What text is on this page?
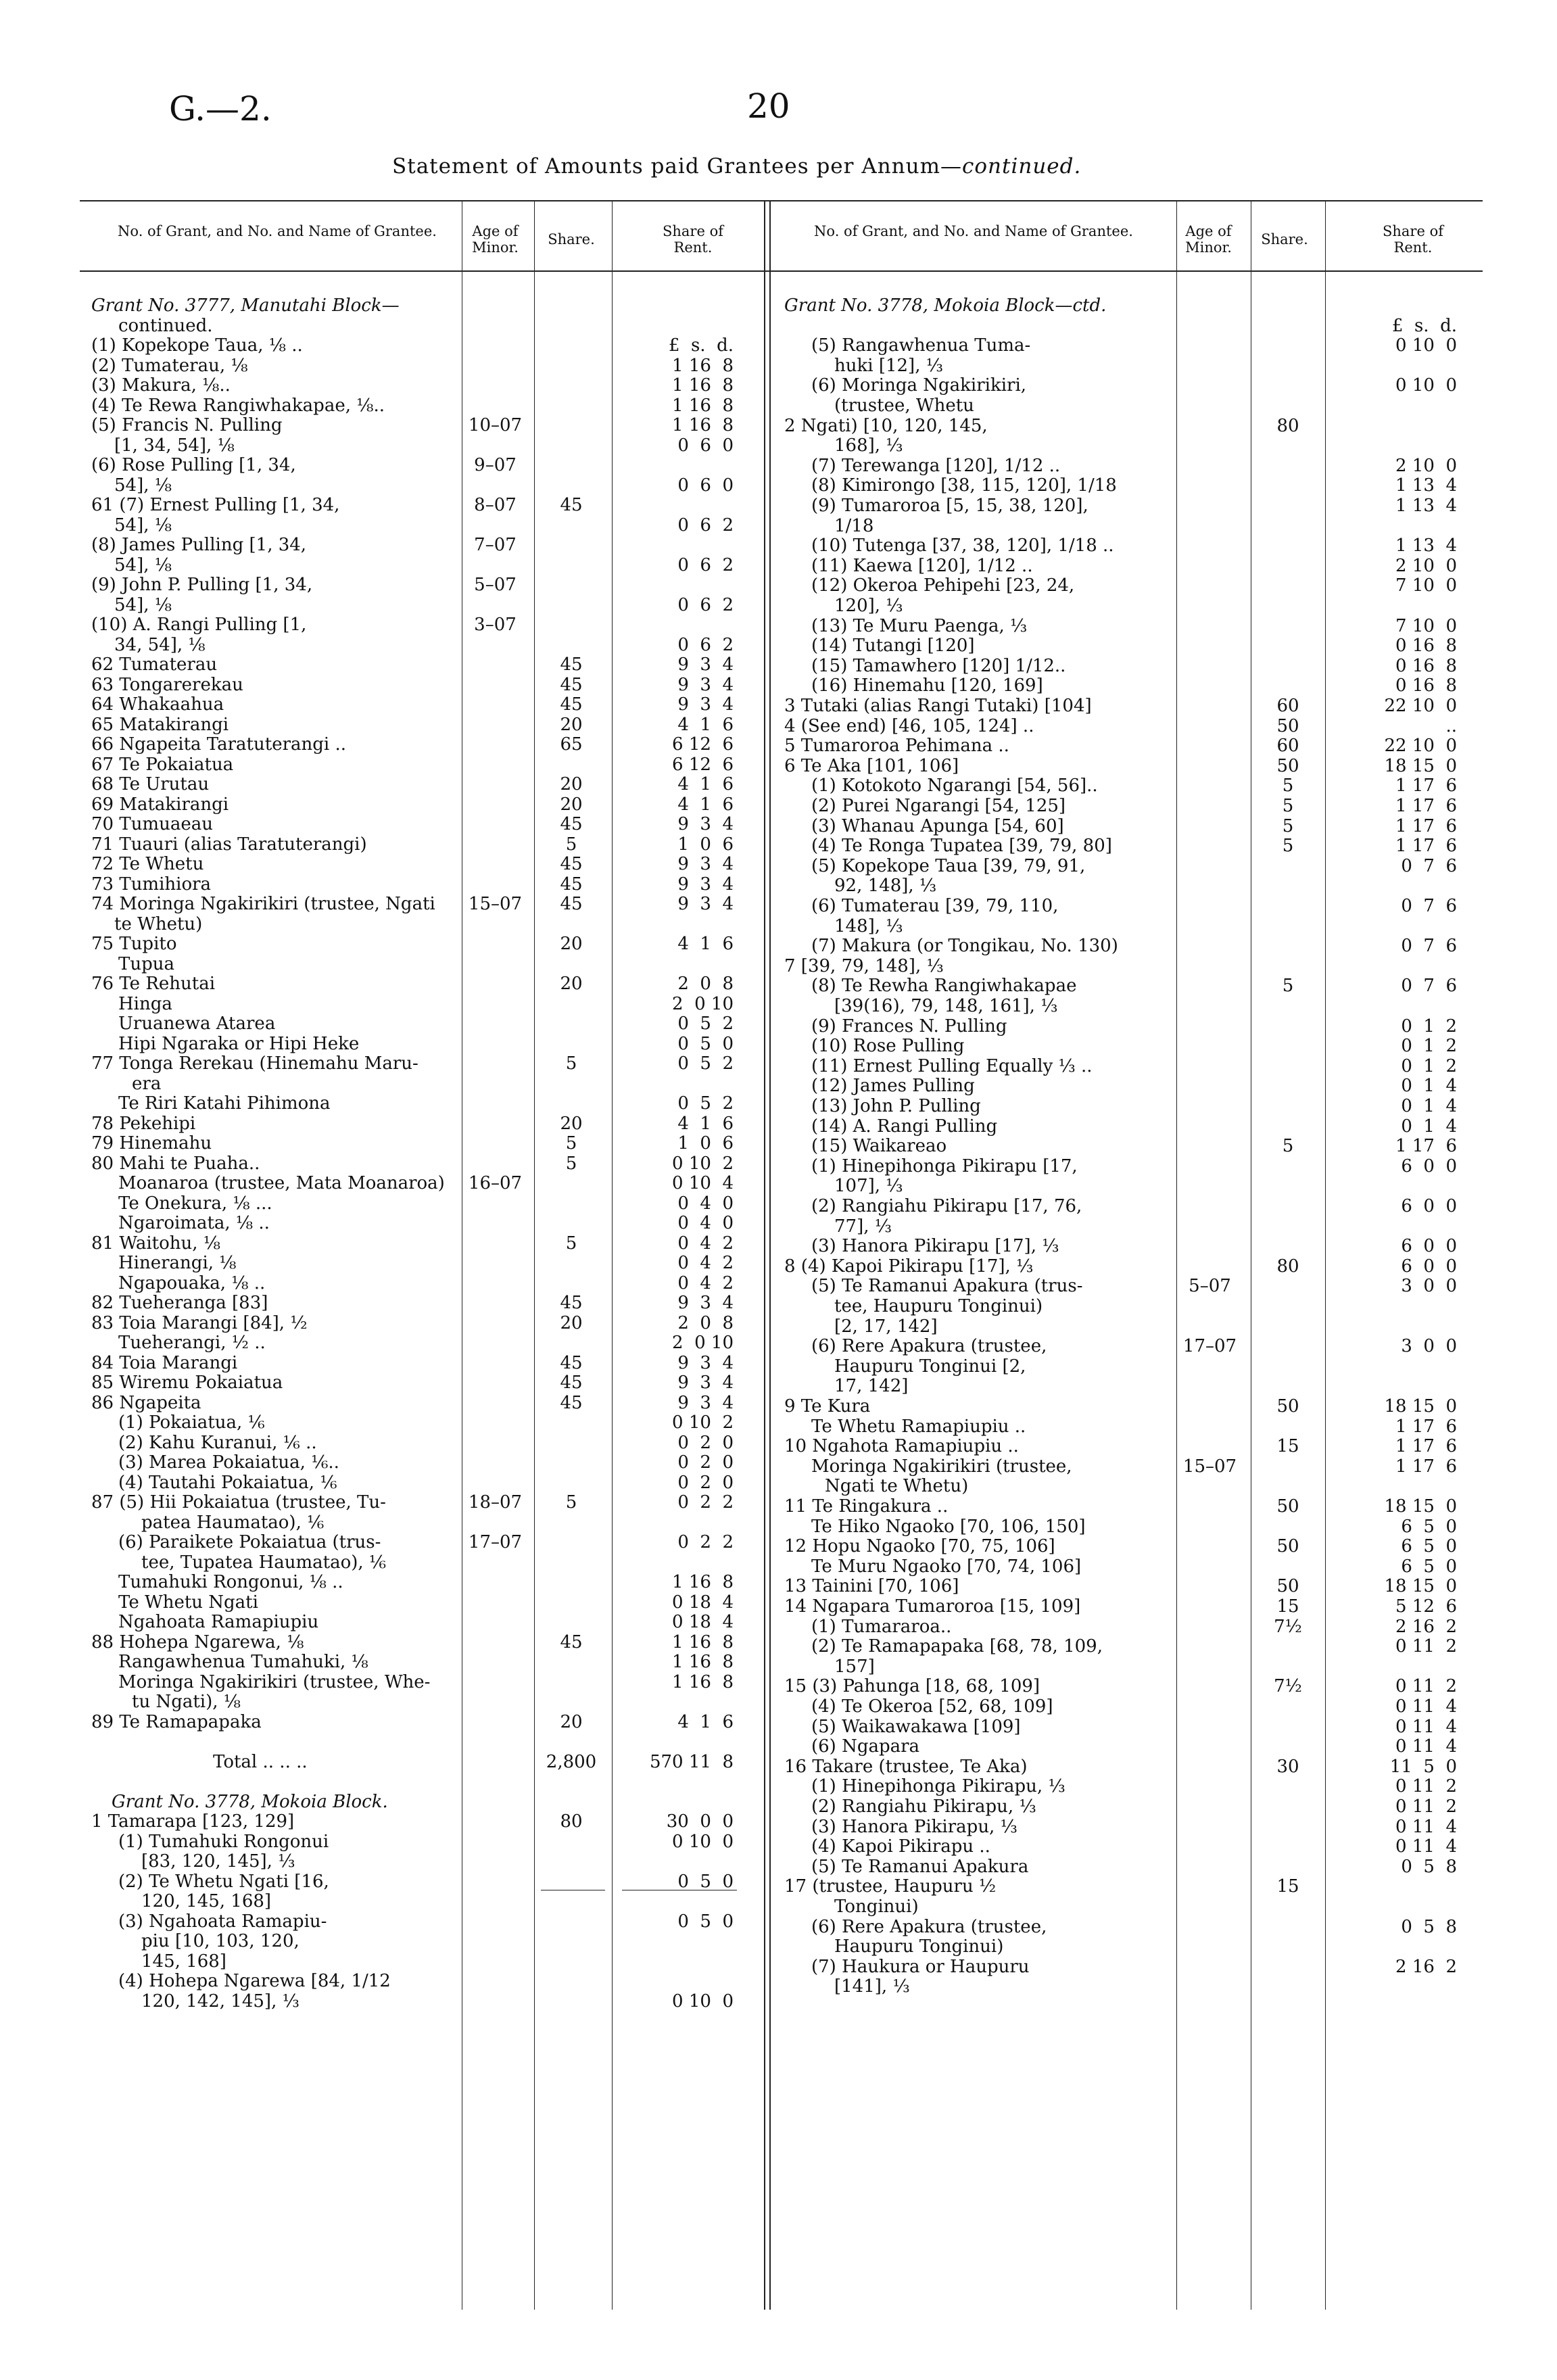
G.—2.	20
Statement of Amounts paid Grantees per Annum—continued.
No. of Grant, and No. and Name of Grantee.	Age of Minor.	Share.	Share of Rent.
No. of Grant, and No. and Name of Grantee.	Age of Minor.	Share.	Share of Rent.
Grant No. 3777, Manutahi Block—
continued.
(1) Kopekope Taua, ⅛ ..	£  s.  d.
(2) Tumaterau, ⅛	1 16  8
(3) Makura, ⅛..	1 16  8
(4) Te Rewa Rangiwhakapae, ⅛..	1 16  8
(5) Francis N. Pulling	10–07	1 16  8
[1, 34, 54], ⅛	0  6  0
(6) Rose Pulling [1, 34,	9–07
54], ⅛	0  6  0
61 (7) Ernest Pulling [1, 34,	8–07	45
54], ⅛	0  6  2
(8) James Pulling [1, 34,	7–07
54], ⅛	0  6  2
(9) John P. Pulling [1, 34,	5–07
54], ⅛	0  6  2
(10) A. Rangi Pulling [1,	3–07
34, 54], ⅛	0  6  2
62 Tumaterau	45	9  3  4
63 Tongarerekau	45	9  3  4
64 Whakaahua	45	9  3  4
65 Matakirangi	20	4  1  6
66 Ngapeita Taratuterangi ..	65	6 12  6
67 Te Pokaiatua	6 12  6
68 Te Urutau	20	4  1  6
69 Matakirangi	20	4  1  6
70 Tumuaeau	45	9  3  4
71 Tuauri (alias Taratuterangi)	5	1  0  6
72 Te Whetu	45	9  3  4
73 Tumihiora	45	9  3  4
74 Moringa Ngakirikiri (trustee, Ngati	15–07	45	9  3  4
te Whetu)
75 Tupito	20	4  1  6
Tupua
76 Te Rehutai	20	2  0  8
Hinga	2  0 10
Uruanewa Atarea	0  5  2
Hipi Ngaraka or Hipi Heke	0  5  0
77 Tonga Rerekau (Hinemahu Maru-	5	0  5  2
era
Te Riri Katahi Pihimona	0  5  2
78 Pekehipi	20	4  1  6
79 Hinemahu	5	1  0  6
80 Mahi te Puaha..	5	0 10  2
Moanaroa (trustee, Mata Moanaroa)	16–07	0 10  4
Te Onekura, ⅛ ...	0  4  0
Ngaroimata, ⅛ ..	0  4  0
81 Waitohu, ⅛	5	0  4  2
Hinerangi, ⅛	0  4  2
Ngapouaka, ⅛ ..	0  4  2
82 Tueheranga [83]	45	9  3  4
83 Toia Marangi [84], ½	20	2  0  8
Tueherangi, ½ ..	2  0 10
84 Toia Marangi	45	9  3  4
85 Wiremu Pokaiatua	45	9  3  4
86 Ngapeita	45	9  3  4
(1) Pokaiatua, ⅙	0 10  2
(2) Kahu Kuranui, ⅙ ..	0  2  0
(3) Marea Pokaiatua, ⅙..	0  2  0
(4) Tautahi Pokaiatua, ⅙	0  2  0
87 (5) Hii Pokaiatua (trustee, Tu-	18–07	5	0  2  2
patea Haumatao), ⅙
(6) Paraikete Pokaiatua (trus-	17–07	0  2  2
tee, Tupatea Haumatao), ⅙
Tumahuki Rongonui, ⅛ ..	1 16  8
Te Whetu Ngati	0 18  4
Ngahoata Ramapiupiu	0 18  4
88 Hohepa Ngarewa, ⅛	45	1 16  8
Rangawhenua Tumahuki, ⅛	1 16  8
Moringa Ngakirikiri (trustee, Whe-	1 16  8
tu Ngati), ⅛
89 Te Ramapapaka	20	4  1  6
Total .. .. ..	2,800	570 11  8
Grant No. 3778, Mokoia Block.
1 Tamarapa [123, 129]	80	30  0  0
(1) Tumahuki Rongonui	0 10  0
[83, 120, 145], ⅓
(2) Te Whetu Ngati [16,	0  5  0
120, 145, 168]
(3) Ngahoata Ramapiu-	0  5  0
piu [10, 103, 120,
145, 168]
(4) Hohepa Ngarewa [84, 1/12
120, 142, 145], ⅓	0 10  0
Grant No. 3778, Mokoia Block—ctd.
£  s.  d.
(5) Rangawhenua Tuma-	0 10  0
huki [12], ⅓
(6) Moringa Ngakirikiri,	0 10  0
(trustee, Whetu
2 Ngati) [10, 120, 145,	80
168], ⅓
(7) Terewanga [120], 1/12 ..	2 10  0
(8) Kimirongo [38, 115, 120], 1/18	1 13  4
(9) Tumaroroa [5, 15, 38, 120],	1 13  4
1/18
(10) Tutenga [37, 38, 120], 1/18 ..	1 13  4
(11) Kaewa [120], 1/12 ..	2 10  0
(12) Okeroa Pehipehi [23, 24,	7 10  0
120], ⅓
(13) Te Muru Paenga, ⅓	7 10  0
(14) Tutangi [120]	0 16  8
(15) Tamawhero [120] 1/12..	0 16  8
(16) Hinemahu [120, 169]	0 16  8
3 Tutaki (alias Rangi Tutaki) [104]	60	22 10  0
4 (See end) [46, 105, 124] ..	50	..
5 Tumaroroa Pehimana ..	60	22 10  0
6 Te Aka [101, 106]	50	18 15  0
(1) Kotokoto Ngarangi [54, 56]..	5	1 17  6
(2) Purei Ngarangi [54, 125]	5	1 17  6
(3) Whanau Apunga [54, 60]	5	1 17  6
(4) Te Ronga Tupatea [39, 79, 80]	5	1 17  6
(5) Kopekope Taua [39, 79, 91,	0  7  6
92, 148], ⅓
(6) Tumaterau [39, 79, 110,	0  7  6
148], ⅓
(7) Makura (or Tongikau, No. 130)	0  7  6
7 [39, 79, 148], ⅓
(8) Te Rewha Rangiwhakapae	5	0  7  6
[39(16), 79, 148, 161], ⅓
(9) Frances N. Pulling	0  1  2
(10) Rose Pulling	0  1  2
(11) Ernest Pulling Equally ⅓ ..	0  1  2
(12) James Pulling	0  1  4
(13) John P. Pulling	0  1  4
(14) A. Rangi Pulling	0  1  4
(15) Waikareao	5	1 17  6
(1) Hinepihonga Pikirapu [17,	6  0  0
107], ⅓
(2) Rangiahu Pikirapu [17, 76,	6  0  0
77], ⅓
(3) Hanora Pikirapu [17], ⅓	6  0  0
8 (4) Kapoi Pikirapu [17], ⅓	80	6  0  0
(5) Te Ramanui Apakura (trus-	5–07	3  0  0
tee, Haupuru Tonginui)
[2, 17, 142]
(6) Rere Apakura (trustee,	17–07	3  0  0
Haupuru Tonginui [2,
17, 142]
9 Te Kura	50	18 15  0
Te Whetu Ramapiupiu ..	1 17  6
10 Ngahota Ramapiupiu ..	15	1 17  6
Moringa Ngakirikiri (trustee,	15–07	1 17  6
Ngati te Whetu)
11 Te Ringakura ..	50	18 15  0
Te Hiko Ngaoko [70, 106, 150]	6  5  0
12 Hopu Ngaoko [70, 75, 106]	50	6  5  0
Te Muru Ngaoko [70, 74, 106]	6  5  0
13 Tainini [70, 106]	50	18 15  0
14 Ngapara Tumaroroa [15, 109]	15	5 12  6
(1) Tumararoa..	7½	2 16  2
(2) Te Ramapapaka [68, 78, 109,	0 11  2
157]
15 (3) Pahunga [18, 68, 109]	7½	0 11  2
(4) Te Okeroa [52, 68, 109]	0 11  4
(5) Waikawakawa [109]	0 11  4
(6) Ngapara	0 11  4
16 Takare (trustee, Te Aka)	30	11  5  0
(1) Hinepihonga Pikirapu, ⅓	0 11  2
(2) Rangiahu Pikirapu, ⅓	0 11  2
(3) Hanora Pikirapu, ⅓	0 11  4
(4) Kapoi Pikirapu ..	0 11  4
(5) Te Ramanui Apakura	0  5  8
17 (trustee, Haupuru ½	15
Tonginui)
(6) Rere Apakura (trustee,	0  5  8
Haupuru Tonginui)
(7) Haukura or Haupuru	2 16  2
[141], ⅓
